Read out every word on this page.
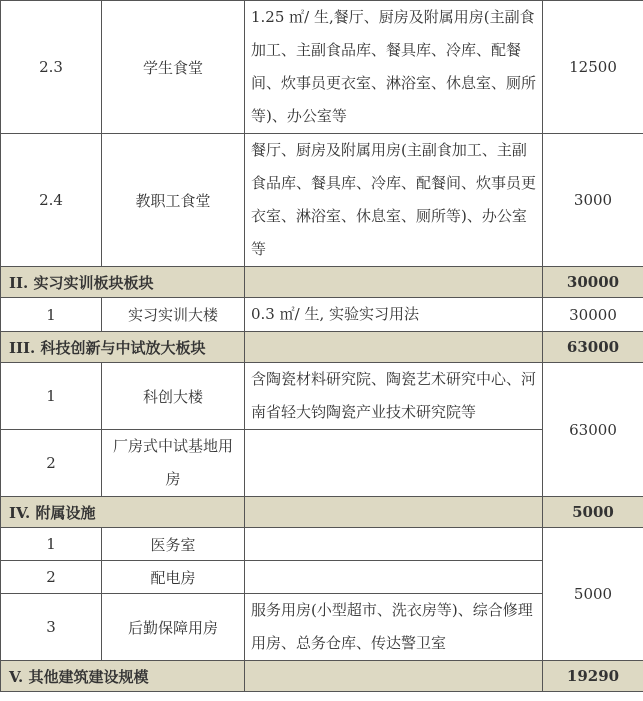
2.3	学生食堂	1.25 ㎡/ 生,餐厅、厨房及附属用房(主副食加工、主副食品库、餐具库、冷库、配餐间、炊事员更衣室、淋浴室、休息室、厕所等)、办公室等	12500
2.4	教职工食堂	餐厅、厨房及附属用房(主副食加工、主副食品库、餐具库、冷库、配餐间、炊事员更衣室、淋浴室、休息室、厕所等)、办公室等	3000
II. 实习实训板块板块			30000
1	实习实训大楼	0.3 ㎡/ 生, 实验实习用法	30000
III. 科技创新与中试放大板块			63000
1	科创大楼	含陶瓷材料研究院、陶瓷艺术研究中心、河南省轻大钧陶瓷产业技术研究院等	63000
2	厂房式中试基地用房		
IV. 附属设施			5000
1	医务室		5000
2	配电房		
3	后勤保障用房	服务用房(小型超市、洗衣房等)、综合修理用房、总务仓库、传达警卫室	
V. 其他建筑建设规模			19290
